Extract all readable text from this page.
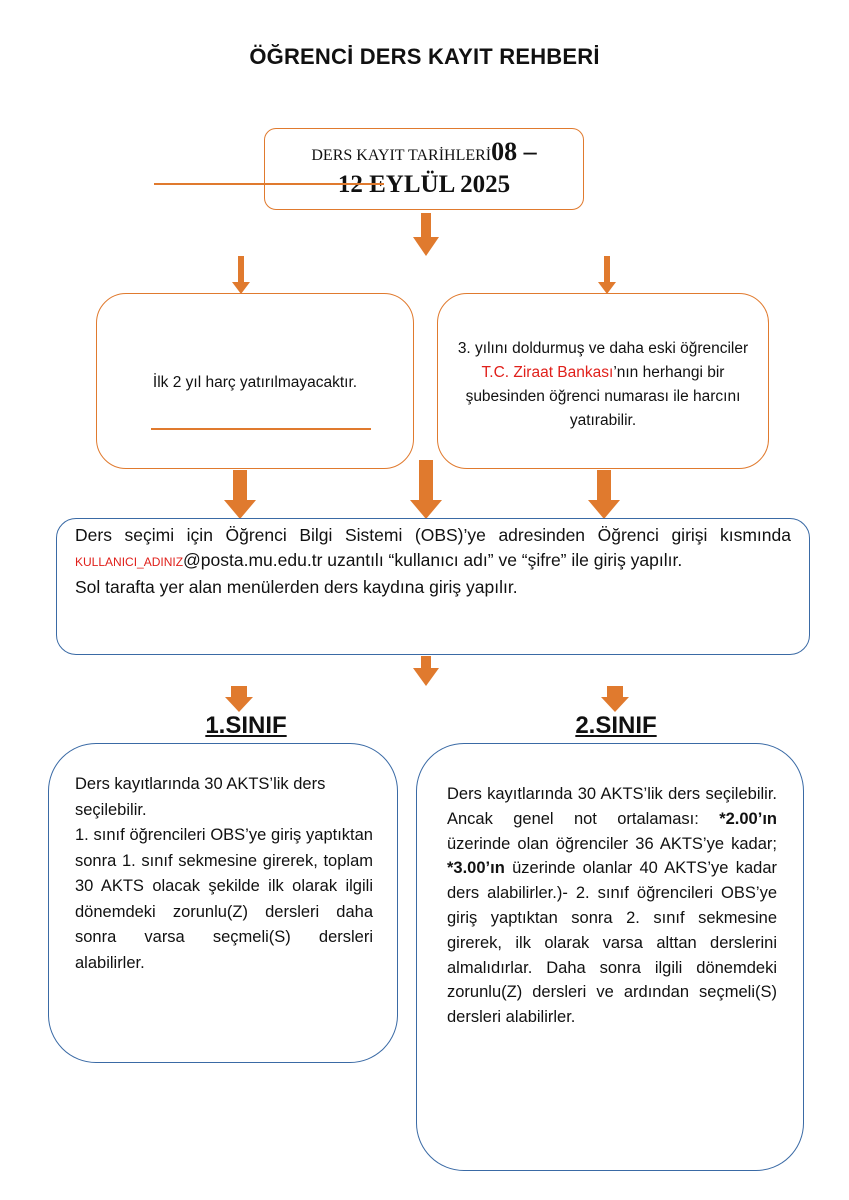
ÖĞRENCİ DERS KAYIT REHBERİ
DERS KAYIT TARİHLERİ08 –
12 EYLÜL 2025
İlk 2 yıl harç yatırılmayacaktır.
3. yılını doldurmuş ve daha eski öğrenciler T.C. Ziraat Bankası’nın herhangi bir şubesinden öğrenci numarası ile harcını yatırabilir.

Ders seçimi için Öğrenci Bilgi Sistemi (OBS)’ye adresinden Öğrenci girişi kısmında KULLANICI_ADINIZ@posta.mu.edu.tr uzantılı “kullanıcı adı” ve “şifre” ile giriş yapılır.

Sol tarafta yer alan menülerden ders kaydına giriş yapılır.

1.SINIF	2.SINIF

Ders kayıtlarında 30 AKTS’lik ders seçilebilir.

1. sınıf öğrencileri OBS’ye giriş yaptıktan sonra 1. sınıf sekmesine girerek, toplam 30 AKTS olacak şekilde ilk olarak ilgili dönemdeki zorunlu(Z) dersleri daha sonra varsa seçmeli(S) dersleri alabilirler.

Ders kayıtlarında 30 AKTS’lik ders seçilebilir. Ancak genel not ortalaması: *2.00’ın üzerinde olan öğrenciler 36 AKTS’ye kadar; *3.00’ın üzerinde olanlar 40 AKTS’ye kadar ders alabilirler.)- 2. sınıf öğrencileri OBS’ye giriş yaptıktan sonra 2. sınıf sekmesine girerek, ilk olarak varsa alttan derslerini almalıdırlar. Daha sonra ilgili dönemdeki zorunlu(Z) dersleri ve ardından seçmeli(S) dersleri alabilirler.
